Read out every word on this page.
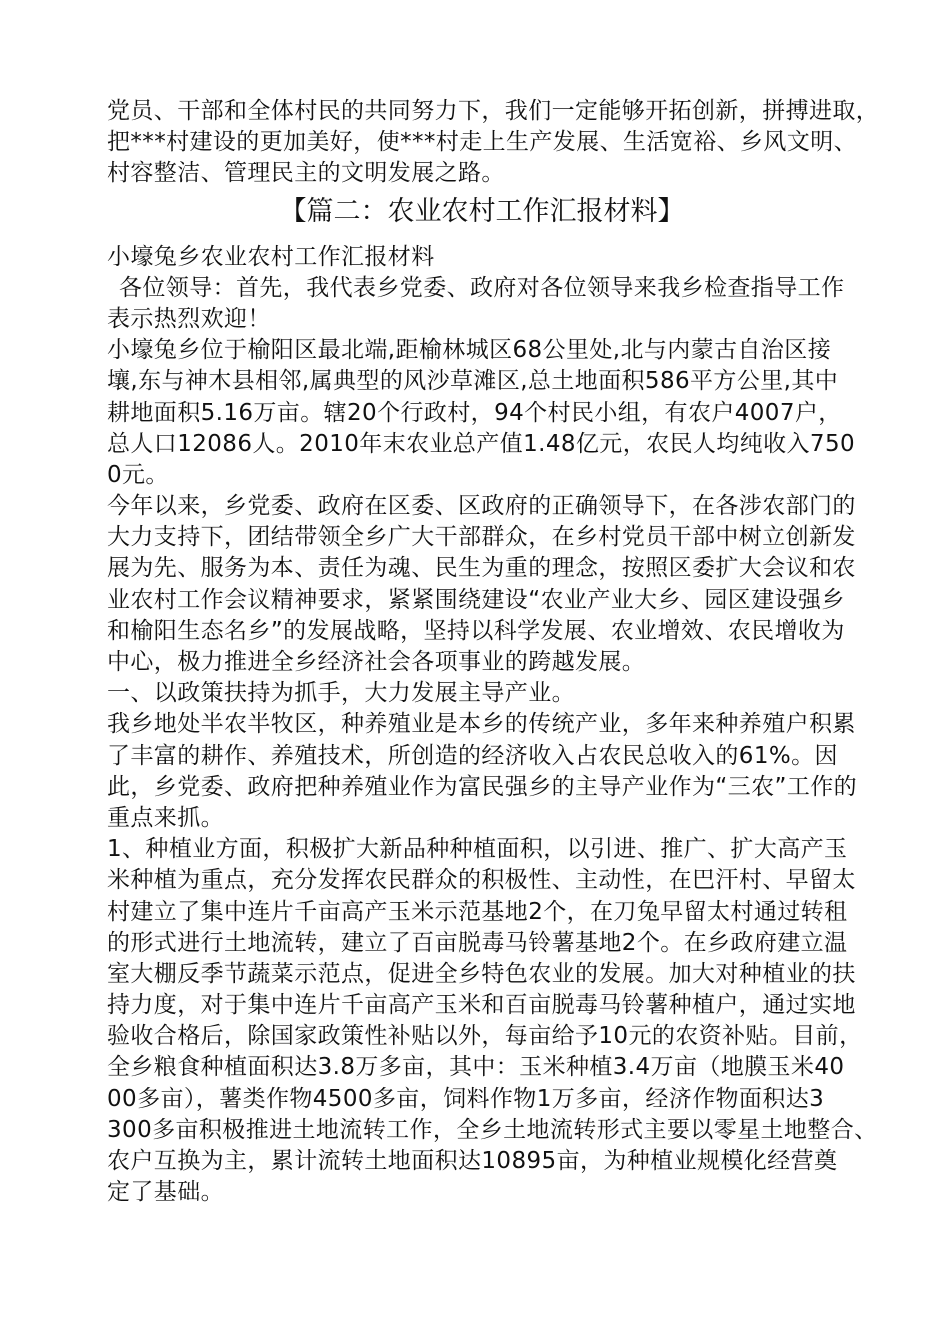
党员、干部和全体村民的共同努力下，我们一定能够开拓创新，拼搏进取，
把***村建设的更加美好，使***村走上生产发展、生活宽裕、乡风文明、
村容整洁、管理民主的文明发展之路。
【篇二：农业农村工作汇报材料】
小壕兔乡农业农村工作汇报材料
各位领导：首先，我代表乡党委、政府对各位领导来我乡检查指导工作
表示热烈欢迎！
小壕兔乡位于榆阳区最北端,距榆林城区68公里处,北与内蒙古自治区接
壤,东与神木县相邻,属典型的风沙草滩区,总土地面积586平方公里,其中
耕地面积5.16万亩。辖20个行政村，94个村民小组，有农户4007户，
总人口12086人。2010年末农业总产值1.48亿元，农民人均纯收入750
0元。
今年以来，乡党委、政府在区委、区政府的正确领导下，在各涉农部门的
大力支持下，团结带领全乡广大干部群众，在乡村党员干部中树立创新发
展为先、服务为本、责任为魂、民生为重的理念，按照区委扩大会议和农
业农村工作会议精神要求，紧紧围绕建设“农业产业大乡、园区建设强乡
和榆阳生态名乡”的发展战略，坚持以科学发展、农业增效、农民增收为
中心，极力推进全乡经济社会各项事业的跨越发展。
一、以政策扶持为抓手，大力发展主导产业。
我乡地处半农半牧区，种养殖业是本乡的传统产业，多年来种养殖户积累
了丰富的耕作、养殖技术，所创造的经济收入占农民总收入的61%。因
此，乡党委、政府把种养殖业作为富民强乡的主导产业作为“三农”工作的
重点来抓。
1、种植业方面，积极扩大新品种种植面积，以引进、推广、扩大高产玉
米种植为重点，充分发挥农民群众的积极性、主动性，在巴汗村、早留太
村建立了集中连片千亩高产玉米示范基地2个，在刀兔早留太村通过转租
的形式进行土地流转，建立了百亩脱毒马铃薯基地2个。在乡政府建立温
室大棚反季节蔬菜示范点，促进全乡特色农业的发展。加大对种植业的扶
持力度，对于集中连片千亩高产玉米和百亩脱毒马铃薯种植户，通过实地
验收合格后，除国家政策性补贴以外，每亩给予10元的农资补贴。目前，
全乡粮食种植面积达3.8万多亩，其中：玉米种植3.4万亩（地膜玉米40
00多亩），薯类作物4500多亩，饲料作物1万多亩，经济作物面积达3
300多亩积极推进土地流转工作，全乡土地流转形式主要以零星土地整合、
农户互换为主，累计流转土地面积达10895亩，为种植业规模化经营奠
定了基础。
